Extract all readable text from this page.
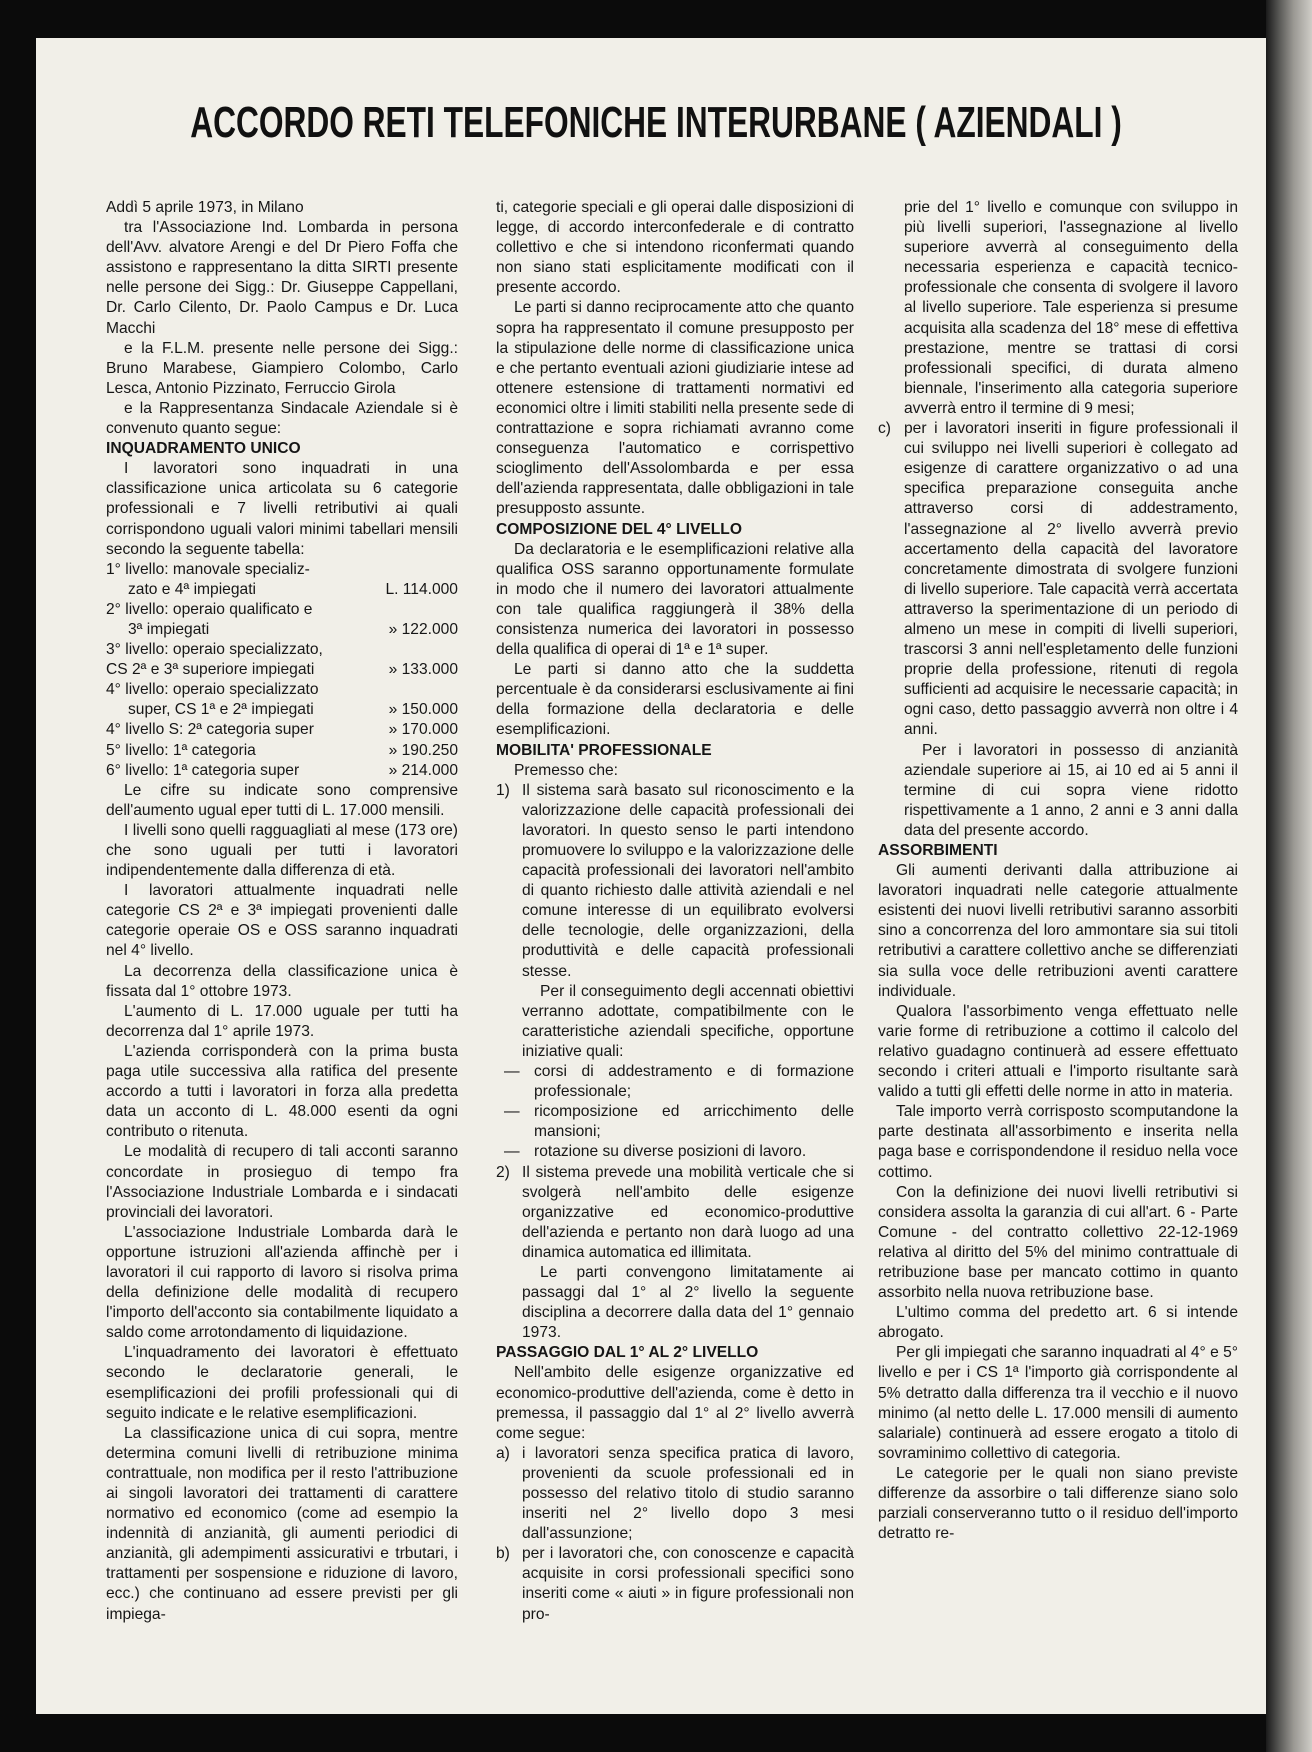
ACCORDO RETI TELEFONICHE INTERURBANE ( AZIENDALI )

Addì 5 aprile 1973, in Milano

tra l'Associazione Ind. Lombarda in persona dell'Avv. alvatore Arengi e del Dr Piero Foffa che assistono e rappresentano la ditta SIRTI presente nelle persone dei Sigg.: Dr. Giuseppe Cappellani, Dr. Carlo Cilento, Dr. Paolo Campus e Dr. Luca Macchi

e la F.L.M. presente nelle persone dei Sigg.: Bruno Marabese, Giampiero Colombo, Carlo Lesca, Antonio Pizzinato, Ferruccio Girola

e la Rappresentanza Sindacale Aziendale si è convenuto quanto segue:

INQUADRAMENTO UNICO

I lavoratori sono inquadrati in una classificazione unica articolata su 6 categorie professionali e 7 livelli retributivi ai quali corrispondono uguali valori minimi tabellari mensili secondo la seguente tabella:

1° livello: manovale specializ-
zato e 4ª impiegati	L. 114.000
2° livello: operaio qualificato e
3ª impiegati	» 122.000
3° livello: operaio specializzato,
CS 2ª e 3ª superiore impiegati	» 133.000
4° livello: operaio specializzato
super, CS 1ª e 2ª impiegati	» 150.000
4° livello S: 2ª categoria super	» 170.000
5° livello: 1ª categoria	» 190.250
6° livello: 1ª categoria super	» 214.000

Le cifre su indicate sono comprensive dell'aumento ugual eper tutti di L. 17.000 mensili.

I livelli sono quelli ragguagliati al mese (173 ore) che sono uguali per tutti i lavoratori indipendentemente dalla differenza di età.

I lavoratori attualmente inquadrati nelle categorie CS 2ª e 3ª impiegati provenienti dalle categorie operaie OS e OSS saranno inquadrati nel 4° livello.

La decorrenza della classificazione unica è fissata dal 1° ottobre 1973.

L'aumento di L. 17.000 uguale per tutti ha decorrenza dal 1° aprile 1973.

L'azienda corrisponderà con la prima busta paga utile successiva alla ratifica del presente accordo a tutti i lavoratori in forza alla predetta data un acconto di L. 48.000 esenti da ogni contributo o ritenuta.

Le modalità di recupero di tali acconti saranno concordate in prosieguo di tempo fra l'Associazione Industriale Lombarda e i sindacati provinciali dei lavoratori.

L'associazione Industriale Lombarda darà le opportune istruzioni all'azienda affinchè per i lavoratori il cui rapporto di lavoro si risolva prima della definizione delle modalità di recupero l'importo dell'acconto sia contabilmente liquidato a saldo come arrotondamento di liquidazione.

L'inquadramento dei lavoratori è effettuato secondo le declaratorie generali, le esemplificazioni dei profili professionali qui di seguito indicate e le relative esemplificazioni.

La classificazione unica di cui sopra, mentre determina comuni livelli di retribuzione minima contrattuale, non modifica per il resto l'attribuzione ai singoli lavoratori dei trattamenti di carattere normativo ed economico (come ad esempio la indennità di anzianità, gli aumenti periodici di anzianità, gli adempimenti assicurativi e trbutari, i trattamenti per sospensione e riduzione di lavoro, ecc.) che continuano ad essere previsti per gli impiega-

ti, categorie speciali e gli operai dalle disposizioni di legge, di accordo interconfederale e di contratto collettivo e che si intendono riconfermati quando non siano stati esplicitamente modificati con il presente accordo.

Le parti si danno reciprocamente atto che quanto sopra ha rappresentato il comune presupposto per la stipulazione delle norme di classificazione unica e che pertanto eventuali azioni giudiziarie intese ad ottenere estensione di trattamenti normativi ed economici oltre i limiti stabiliti nella presente sede di contrattazione e sopra richiamati avranno come conseguenza l'automatico e corrispettivo scioglimento dell'Assolombarda e per essa dell'azienda rappresentata, dalle obbligazioni in tale presupposto assunte.

COMPOSIZIONE DEL 4° LIVELLO

Da declaratoria e le esemplificazioni relative alla qualifica OSS saranno opportunamente formulate in modo che il numero dei lavoratori attualmente con tale qualifica raggiungerà il 38% della consistenza numerica dei lavoratori in possesso della qualifica di operai di 1ª e 1ª super.

Le parti si danno atto che la suddetta percentuale è da considerarsi esclusivamente ai fini della formazione della declaratoria e delle esemplificazioni.

MOBILITA' PROFESSIONALE

Premesso che:

1) Il sistema sarà basato sul riconoscimento e la valorizzazione delle capacità professionali dei lavoratori. In questo senso le parti intendono promuovere lo sviluppo e la valorizzazione delle capacità professionali dei lavoratori nell'ambito di quanto richiesto dalle attività aziendali e nel comune interesse di un equilibrato evolversi delle tecnologie, delle organizzazioni, della produttività e delle capacità professionali stesse.

Per il conseguimento degli accennati obiettivi verranno adottate, compatibilmente con le caratteristiche aziendali specifiche, opportune iniziative quali:

— corsi di addestramento e di formazione professionale;
— ricomposizione ed arricchimento delle mansioni;
— rotazione su diverse posizioni di lavoro.
2) Il sistema prevede una mobilità verticale che si svolgerà nell'ambito delle esigenze organizzative ed economico-produttive dell'azienda e pertanto non darà luogo ad una dinamica automatica ed illimitata.

Le parti convengono limitatamente ai passaggi dal 1° al 2° livello la seguente disciplina a decorrere dalla data del 1° gennaio 1973.

PASSAGGIO DAL 1° AL 2° LIVELLO

Nell'ambito delle esigenze organizzative ed economico-produttive dell'azienda, come è detto in premessa, il passaggio dal 1° al 2° livello avverrà come segue:

a) i lavoratori senza specifica pratica di lavoro, provenienti da scuole professionali ed in possesso del relativo titolo di studio saranno inseriti nel 2° livello dopo 3 mesi dall'assunzione;
b) per i lavoratori che, con conoscenze e capacità acquisite in corsi professionali specifici sono inseriti come « aiuti » in figure professionali non pro-

prie del 1° livello e comunque con sviluppo in più livelli superiori, l'assegnazione al livello superiore avverrà al conseguimento della necessaria esperienza e capacità tecnico-professionale che consenta di svolgere il lavoro al livello superiore. Tale esperienza si presume acquisita alla scadenza del 18° mese di effettiva prestazione, mentre se trattasi di corsi professionali specifici, di durata almeno biennale, l'inserimento alla categoria superiore avverrà entro il termine di 9 mesi;

c) per i lavoratori inseriti in figure professionali il cui sviluppo nei livelli superiori è collegato ad esigenze di carattere organizzativo o ad una specifica preparazione conseguita anche attraverso corsi di addestramento, l'assegnazione al 2° livello avverrà previo accertamento della capacità del lavoratore concretamente dimostrata di svolgere funzioni di livello superiore. Tale capacità verrà accertata attraverso la sperimentazione di un periodo di almeno un mese in compiti di livelli superiori, trascorsi 3 anni nell'espletamento delle funzioni proprie della professione, ritenuti di regola sufficienti ad acquisire le necessarie capacità; in ogni caso, detto passaggio avverrà non oltre i 4 anni.

Per i lavoratori in possesso di anzianità aziendale superiore ai 15, ai 10 ed ai 5 anni il termine di cui sopra viene ridotto rispettivamente a 1 anno, 2 anni e 3 anni dalla data del presente accordo.

ASSORBIMENTI

Gli aumenti derivanti dalla attribuzione ai lavoratori inquadrati nelle categorie attualmente esistenti dei nuovi livelli retributivi saranno assorbiti sino a concorrenza del loro ammontare sia sui titoli retributivi a carattere collettivo anche se differenziati sia sulla voce delle retribuzioni aventi carattere individuale.

Qualora l'assorbimento venga effettuato nelle varie forme di retribuzione a cottimo il calcolo del relativo guadagno continuerà ad essere effettuato secondo i criteri attuali e l'importo risultante sarà valido a tutti gli effetti delle norme in atto in materia.

Tale importo verrà corrisposto scomputandone la parte destinata all'assorbimento e inserita nella paga base e corrispondendone il residuo nella voce cottimo.

Con la definizione dei nuovi livelli retributivi si considera assolta la garanzia di cui all'art. 6 - Parte Comune - del contratto collettivo 22-12-1969 relativa al diritto del 5% del minimo contrattuale di retribuzione base per mancato cottimo in quanto assorbito nella nuova retribuzione base.

L'ultimo comma del predetto art. 6 si intende abrogato.

Per gli impiegati che saranno inquadrati al 4° e 5° livello e per i CS 1ª l'importo già corrispondente al 5% detratto dalla differenza tra il vecchio e il nuovo minimo (al netto delle L. 17.000 mensili di aumento salariale) continuerà ad essere erogato a titolo di sovraminimo collettivo di categoria.

Le categorie per le quali non siano previste differenze da assorbire o tali differenze siano solo parziali conserveranno tutto o il residuo dell'importo detratto re-
